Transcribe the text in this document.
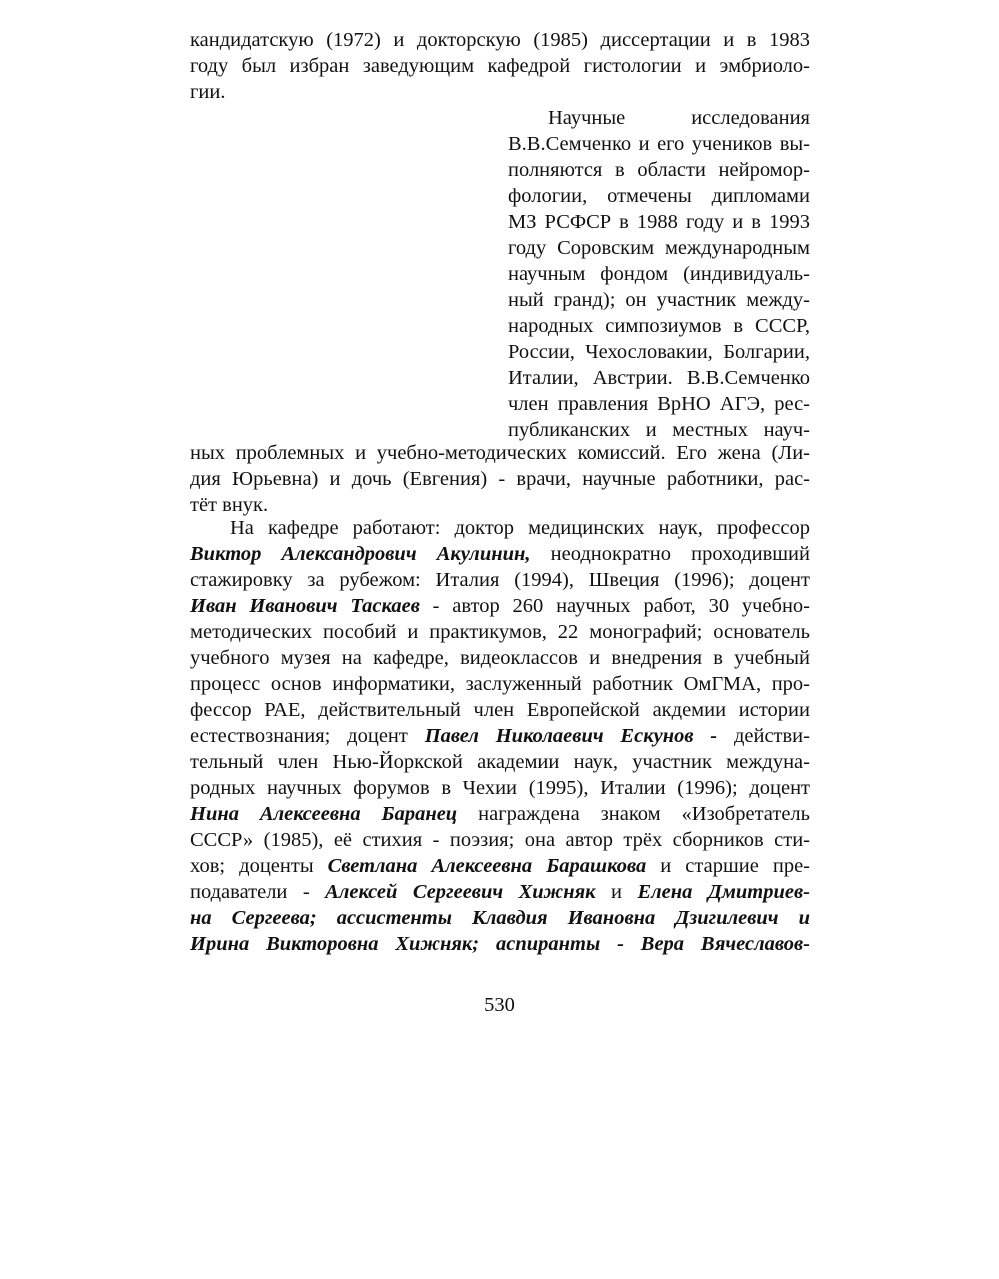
кандидатскую (1972) и докторскую (1985) диссертации и в 1983
году был избран заведующим кафедрой гистологии и эмбриоло-
гии.
Научные исследования
В.В.Семченко и его учеников вы-
полняются в области нейромор-
фологии, отмечены дипломами
МЗ РСФСР в 1988 году и в 1993
году Соровским международным
научным фондом (индивидуаль-
ный гранд); он участник между-
народных симпозиумов в СССР,
России, Чехословакии, Болгарии,
Италии, Австрии. В.В.Семченко
член правления ВрНО АГЭ, рес-
публиканских и местных науч-
ных проблемных и учебно-методических комиссий. Его жена (Ли-
дия Юрьевна) и дочь (Евгения) - врачи, научные работники, рас-
тёт внук.
На кафедре работают: доктор медицинских наук, профессор
Виктор Александрович Акулинин, неоднократно проходивший
стажировку за рубежом: Италия (1994), Швеция (1996); доцент
Иван Иванович Таскаев - автор 260 научных работ, 30 учебно-
методических пособий и практикумов, 22 монографий; основатель
учебного музея на кафедре, видеоклассов и внедрения в учебный
процесс основ информатики, заслуженный работник ОмГМА, про-
фессор РАЕ, действительный член Европейской акдемии истории
естествознания; доцент Павел Николаевич Ескунов - действи-
тельный член Нью-Йоркской академии наук, участник междуна-
родных научных форумов в Чехии (1995), Италии (1996); доцент
Нина Алексеевна Баранец награждена знаком «Изобретатель
СССР» (1985), её стихия - поэзия; она автор трёх сборников сти-
хов; доценты Светлана Алексеевна Барашкова и старшие пре-
подаватели - Алексей Сергеевич Хижняк и Елена Дмитриев-
на Сергеева; ассистенты Клавдия Ивановна Дзигилевич и
Ирина Викторовна Хижняк; аспиранты - Вера Вячеславов-
530
